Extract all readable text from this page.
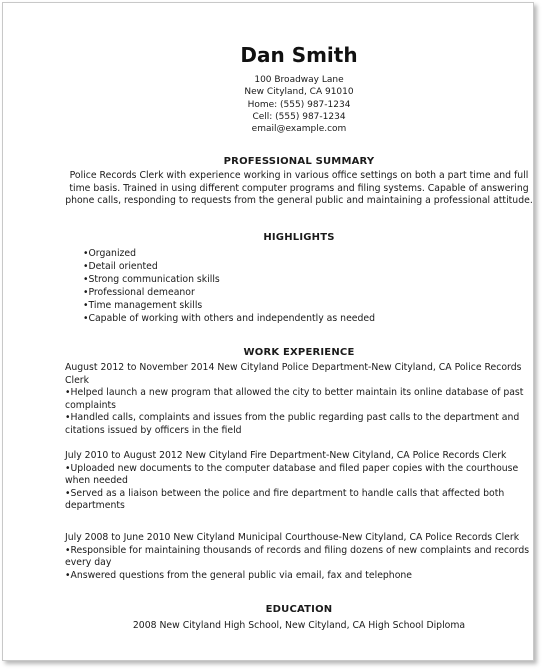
Dan Smith
100 Broadway Lane
New Cityland, CA 91010
Home: (555) 987-1234
Cell: (555) 987-1234
email@example.com
PROFESSIONAL SUMMARY
Police Records Clerk with experience working in various office settings on both a part time and full time basis. Trained in using different computer programs and filing systems. Capable of answering phone calls, responding to requests from the general public and maintaining a professional attitude.
HIGHLIGHTS
•Organized
•Detail oriented
•Strong communication skills
•Professional demeanor
•Time management skills
•Capable of working with others and independently as needed
WORK EXPERIENCE
August 2012 to November 2014 New Cityland Police Department-New Cityland, CA Police Records Clerk
•Helped launch a new program that allowed the city to better maintain its online database of past complaints
•Handled calls, complaints and issues from the public regarding past calls to the department and citations issued by officers in the field
July 2010 to August 2012 New Cityland Fire Department-New Cityland, CA Police Records Clerk
•Uploaded new documents to the computer database and filed paper copies with the courthouse when needed
•Served as a liaison between the police and fire department to handle calls that affected both departments
July 2008 to June 2010 New Cityland Municipal Courthouse-New Cityland, CA Police Records Clerk
•Responsible for maintaining thousands of records and filing dozens of new complaints and records every day
•Answered questions from the general public via email, fax and telephone
EDUCATION
2008 New Cityland High School, New Cityland, CA High School Diploma
